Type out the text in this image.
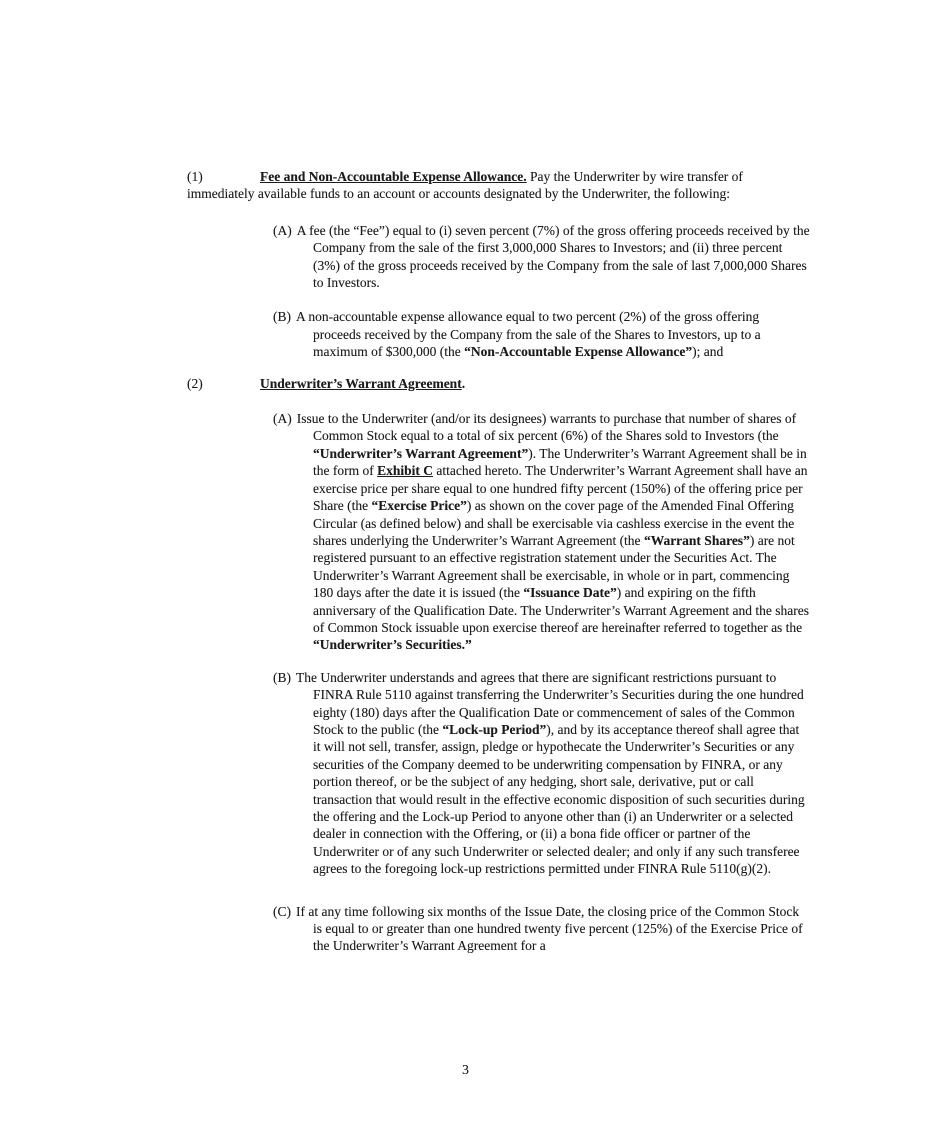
(1)	Fee and Non-Accountable Expense Allowance. Pay the Underwriter by wire transfer of immediately available funds to an account or accounts designated by the Underwriter, the following:
(A) A fee (the “Fee”) equal to (i) seven percent (7%) of the gross offering proceeds received by the Company from the sale of the first 3,000,000 Shares to Investors; and (ii) three percent (3%) of the gross proceeds received by the Company from the sale of last 7,000,000 Shares to Investors.
(B) A non-accountable expense allowance equal to two percent (2%) of the gross offering proceeds received by the Company from the sale of the Shares to Investors, up to a maximum of $300,000 (the “Non-Accountable Expense Allowance”); and
(2)	Underwriter’s Warrant Agreement.
(A) Issue to the Underwriter (and/or its designees) warrants to purchase that number of shares of Common Stock equal to a total of six percent (6%) of the Shares sold to Investors (the “Underwriter’s Warrant Agreement”). The Underwriter’s Warrant Agreement shall be in the form of Exhibit C attached hereto. The Underwriter’s Warrant Agreement shall have an exercise price per share equal to one hundred fifty percent (150%) of the offering price per Share (the “Exercise Price”) as shown on the cover page of the Amended Final Offering Circular (as defined below) and shall be exercisable via cashless exercise in the event the shares underlying the Underwriter’s Warrant Agreement (the “Warrant Shares”) are not registered pursuant to an effective registration statement under the Securities Act. The Underwriter’s Warrant Agreement shall be exercisable, in whole or in part, commencing 180 days after the date it is issued (the “Issuance Date”) and expiring on the fifth anniversary of the Qualification Date. The Underwriter’s Warrant Agreement and the shares of Common Stock issuable upon exercise thereof are hereinafter referred to together as the “Underwriter’s Securities.”
(B) The Underwriter understands and agrees that there are significant restrictions pursuant to FINRA Rule 5110 against transferring the Underwriter’s Securities during the one hundred eighty (180) days after the Qualification Date or commencement of sales of the Common Stock to the public (the “Lock-up Period”), and by its acceptance thereof shall agree that it will not sell, transfer, assign, pledge or hypothecate the Underwriter’s Securities or any securities of the Company deemed to be underwriting compensation by FINRA, or any portion thereof, or be the subject of any hedging, short sale, derivative, put or call transaction that would result in the effective economic disposition of such securities during the offering and the Lock-up Period to anyone other than (i) an Underwriter or a selected dealer in connection with the Offering, or (ii) a bona fide officer or partner of the Underwriter or of any such Underwriter or selected dealer; and only if any such transferee agrees to the foregoing lock-up restrictions permitted under FINRA Rule 5110(g)(2).
(C) If at any time following six months of the Issue Date, the closing price of the Common Stock is equal to or greater than one hundred twenty five percent (125%) of the Exercise Price of the Underwriter’s Warrant Agreement for a
3
